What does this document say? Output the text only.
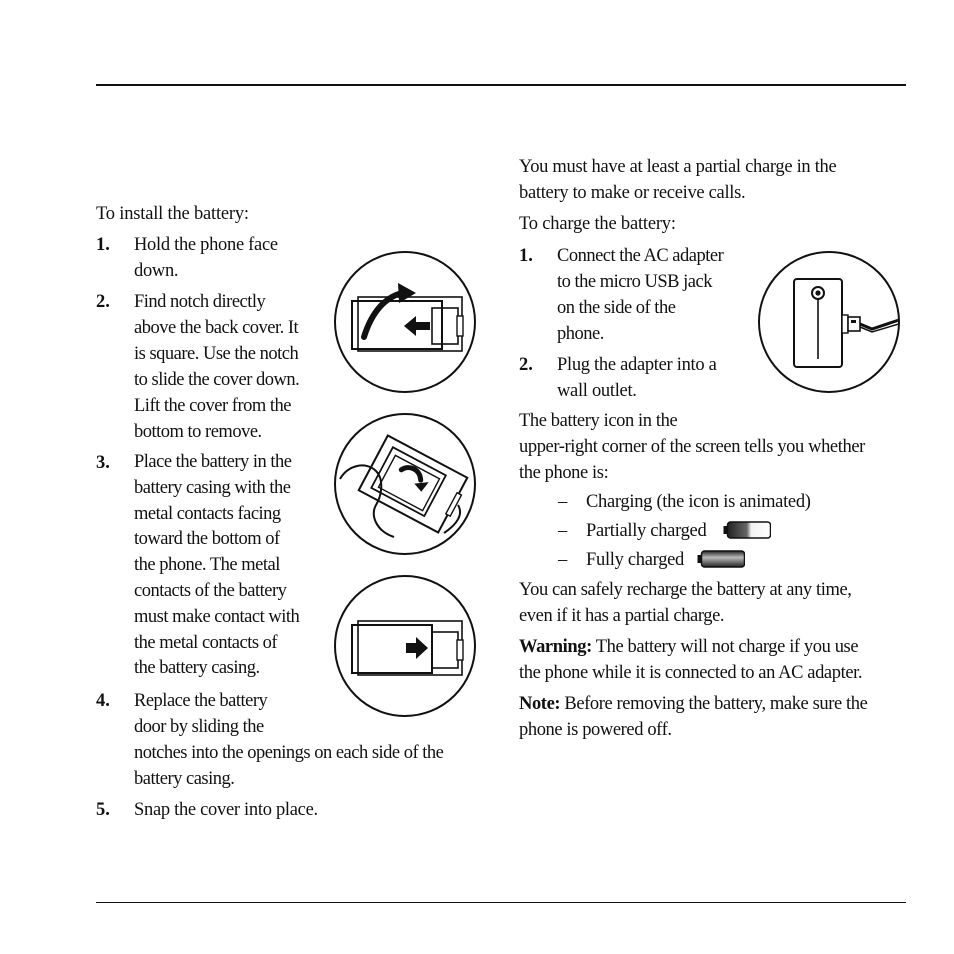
To install the battery:
1. Hold the phone face
down.
2. Find notch directly
above the back cover. It
is square. Use the notch
to slide the cover down.
Lift the cover from the
bottom to remove.
3. Place the battery in the
battery casing with the
metal contacts facing
toward the bottom of
the phone. The metal
contacts of the battery
must make contact with
the metal contacts of
the battery casing.
4. Replace the battery
door by sliding the
notches into the openings on each side of the
battery casing.
5. Snap the cover into place.
You must have at least a partial charge in the
battery to make or receive calls.
To charge the battery:
1. Connect the AC adapter
to the micro USB jack
on the side of the
phone.
2. Plug the adapter into a
wall outlet.
The battery icon in the
upper-right corner of the screen tells you whether
the phone is:
– Charging (the icon is animated)
– Partially charged
– Fully charged
You can safely recharge the battery at any time,
even if it has a partial charge.
Warning: The battery will not charge if you use
the phone while it is connected to an AC adapter.
Note: Before removing the battery, make sure the
phone is powered off.
